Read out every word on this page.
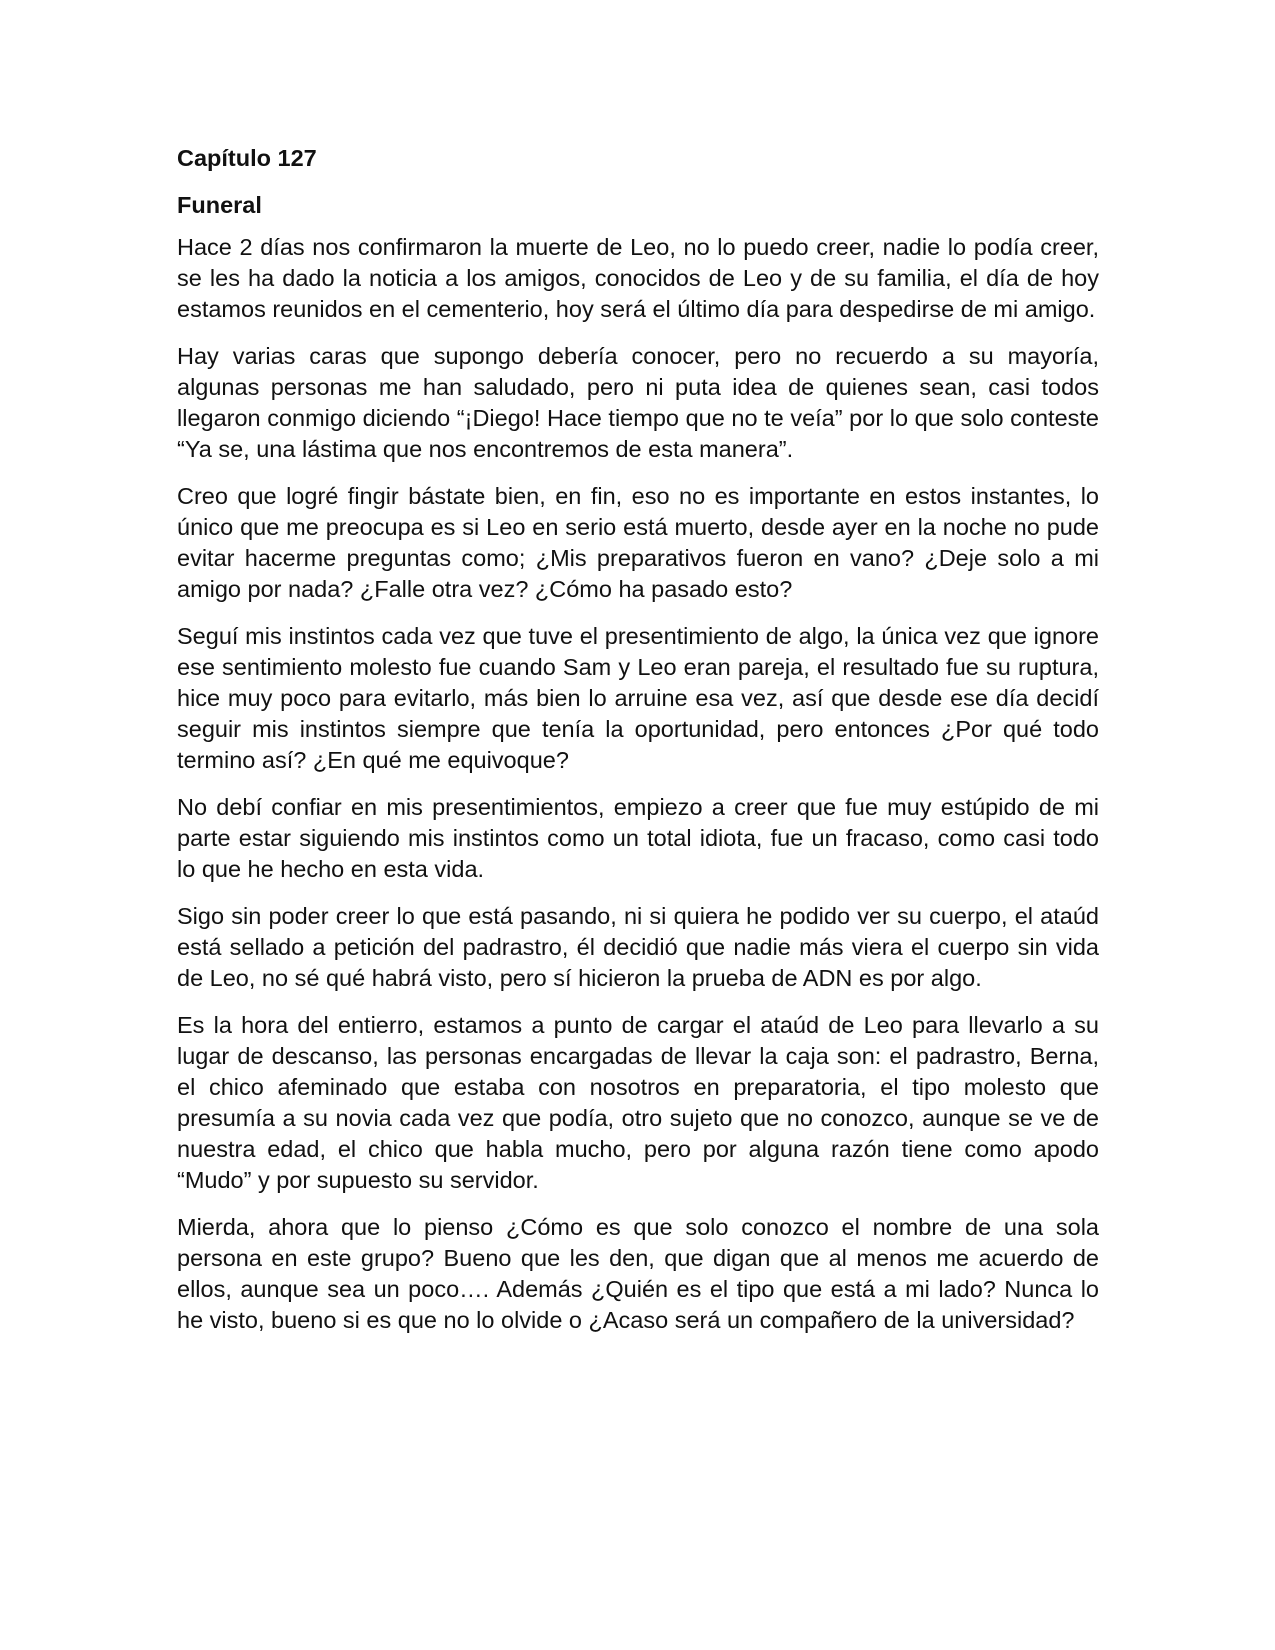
Capítulo 127
Funeral

Hace 2 días nos confirmaron la muerte de Leo, no lo puedo creer, nadie lo podía creer, se les ha dado la noticia a los amigos, conocidos de Leo y de su familia, el día de hoy estamos reunidos en el cementerio, hoy será el último día para despedirse de mi amigo.

Hay varias caras que supongo debería conocer, pero no recuerdo a su mayoría, algunas personas me han saludado, pero ni puta idea de quienes sean, casi todos llegaron conmigo diciendo “¡Diego! Hace tiempo que no te veía” por lo que solo conteste “Ya se, una lástima que nos encontremos de esta manera”.

Creo que logré fingir bástate bien, en fin, eso no es importante en estos instantes, lo único que me preocupa es si Leo en serio está muerto, desde ayer en la noche no pude evitar hacerme preguntas como; ¿Mis preparativos fueron en vano? ¿Deje solo a mi amigo por nada? ¿Falle otra vez? ¿Cómo ha pasado esto?

Seguí mis instintos cada vez que tuve el presentimiento de algo, la única vez que ignore ese sentimiento molesto fue cuando Sam y Leo eran pareja, el resultado fue su ruptura, hice muy poco para evitarlo, más bien lo arruine esa vez, así que desde ese día decidí seguir mis instintos siempre que tenía la oportunidad, pero entonces ¿Por qué todo termino así? ¿En qué me equivoque?

No debí confiar en mis presentimientos, empiezo a creer que fue muy estúpido de mi parte estar siguiendo mis instintos como un total idiota, fue un fracaso, como casi todo lo que he hecho en esta vida.

Sigo sin poder creer lo que está pasando, ni si quiera he podido ver su cuerpo, el ataúd está sellado a petición del padrastro, él decidió que nadie más viera el cuerpo sin vida de Leo, no sé qué habrá visto, pero sí hicieron la prueba de ADN es por algo.

Es la hora del entierro, estamos a punto de cargar el ataúd de Leo para llevarlo a su lugar de descanso, las personas encargadas de llevar la caja son: el padrastro, Berna, el chico afeminado que estaba con nosotros en preparatoria, el tipo molesto que presumía a su novia cada vez que podía, otro sujeto que no conozco, aunque se ve de nuestra edad, el chico que habla mucho, pero por alguna razón tiene como apodo “Mudo” y por supuesto su servidor.

Mierda, ahora que lo pienso ¿Cómo es que solo conozco el nombre de una sola persona en este grupo? Bueno que les den, que digan que al menos me acuerdo de ellos, aunque sea un poco…. Además ¿Quién es el tipo que está a mi lado? Nunca lo he visto, bueno si es que no lo olvide o ¿Acaso será un compañero de la universidad?
